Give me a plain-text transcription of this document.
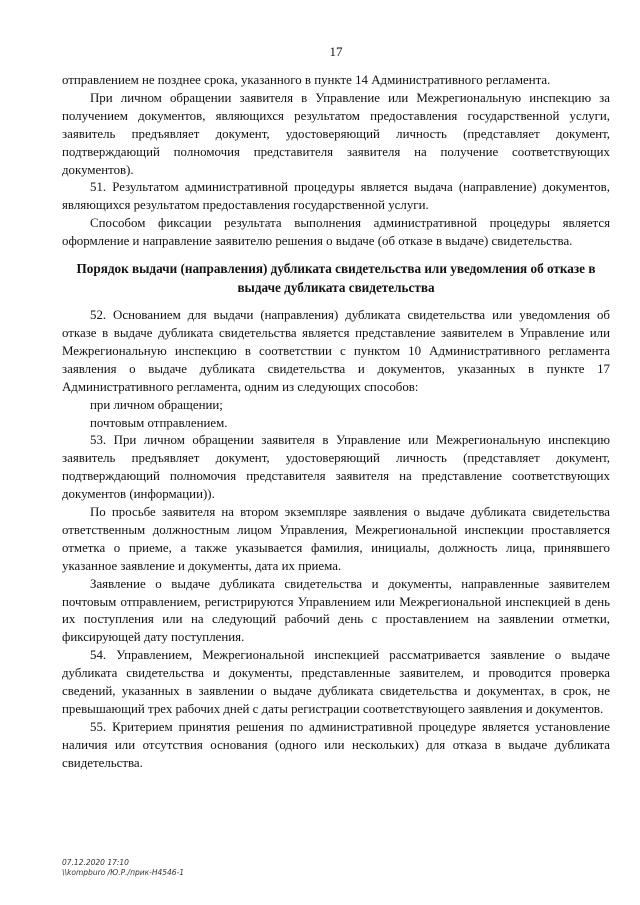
17

отправлением не позднее срока, указанного в пункте 14 Административного регламента.

При личном обращении заявителя в Управление или Межрегиональную инспекцию за получением документов, являющихся результатом предоставления государственной услуги, заявитель предъявляет документ, удостоверяющий личность (представляет документ, подтверждающий полномочия представителя заявителя на получение соответствующих документов).

51. Результатом административной процедуры является выдача (направление) документов, являющихся результатом предоставления государственной услуги.

Способом фиксации результата выполнения административной процедуры является оформление и направление заявителю решения о выдаче (об отказе в выдаче) свидетельства.

Порядок выдачи (направления) дубликата свидетельства или уведомления об отказе в выдаче дубликата свидетельства

52. Основанием для выдачи (направления) дубликата свидетельства или уведомления об отказе в выдаче дубликата свидетельства является представление заявителем в Управление или Межрегиональную инспекцию в соответствии с пунктом 10 Административного регламента заявления о выдаче дубликата свидетельства и документов, указанных в пункте 17 Административного регламента, одним из следующих способов:

при личном обращении;

почтовым отправлением.

53. При личном обращении заявителя в Управление или Межрегиональную инспекцию заявитель предъявляет документ, удостоверяющий личность (представляет документ, подтверждающий полномочия представителя заявителя на представление соответствующих документов (информации)).

По просьбе заявителя на втором экземпляре заявления о выдаче дубликата свидетельства ответственным должностным лицом Управления, Межрегиональной инспекции проставляется отметка о приеме, а также указывается фамилия, инициалы, должность лица, принявшего указанное заявление и документы, дата их приема.

Заявление о выдаче дубликата свидетельства и документы, направленные заявителем почтовым отправлением, регистрируются Управлением или Межрегиональной инспекцией в день их поступления или на следующий рабочий день с проставлением на заявлении отметки, фиксирующей дату поступления.

54. Управлением, Межрегиональной инспекцией рассматривается заявление о выдаче дубликата свидетельства и документы, представленные заявителем, и проводится проверка сведений, указанных в заявлении о выдаче дубликата свидетельства и документах, в срок, не превышающий трех рабочих дней с даты регистрации соответствующего заявления и документов.

55. Критерием принятия решения по административной процедуре является установление наличия или отсутствия основания (одного или нескольких) для отказа в выдаче дубликата свидетельства.

07.12.2020 17:10
\\kompburo /Ю.Р./прик-Н4546-1
